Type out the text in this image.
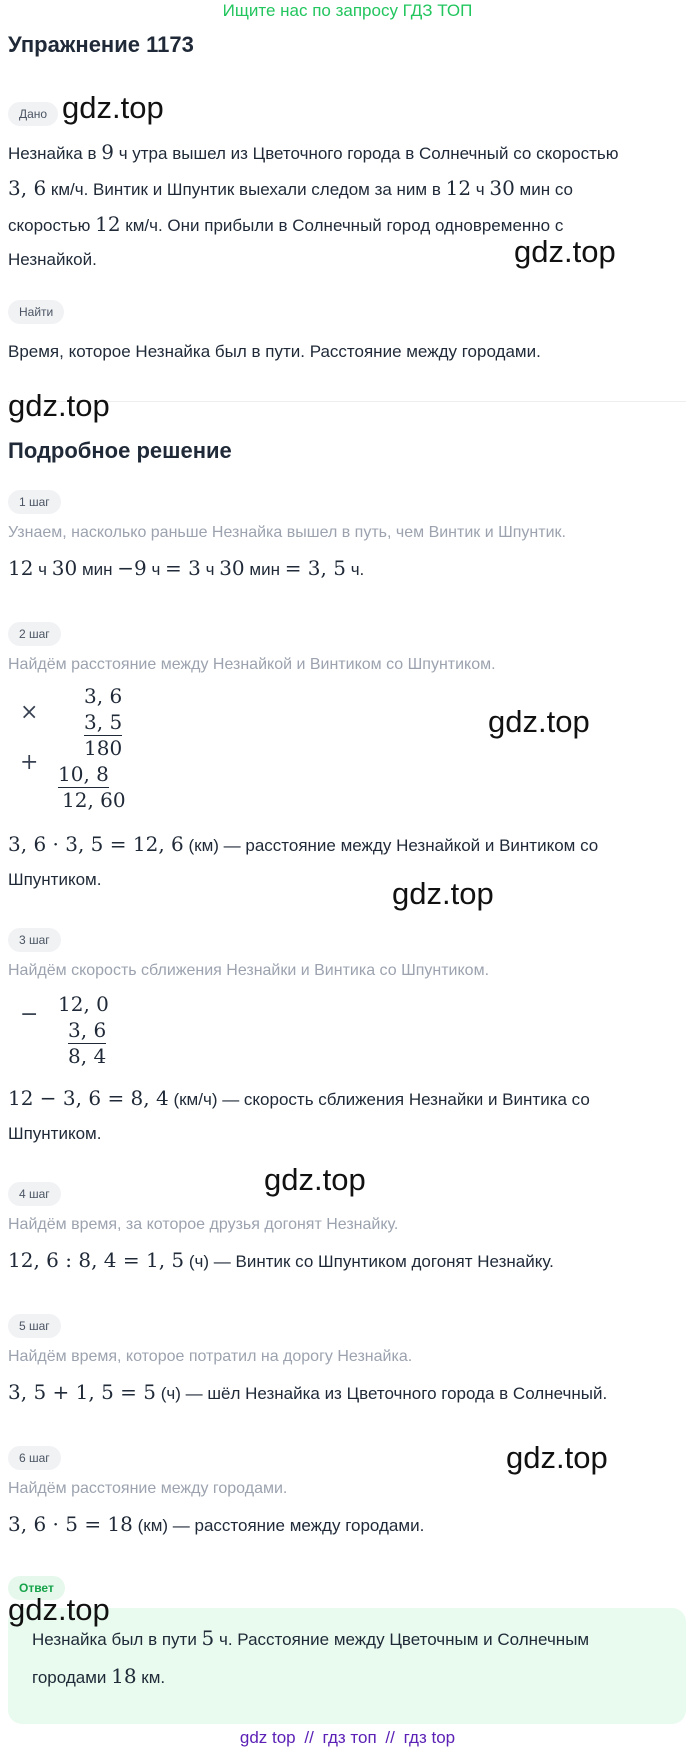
Ищите нас по запросу ГДЗ ТОП
Упражнение 1173
Дано gdz.top
Незнайка в 9 ч утра вышел из Цветочного города в Солнечный со скоростью
3, 6 км/ч. Винтик и Шпунтик выехали следом за ним в 12 ч 30 мин со
скоростью 12 км/ч. Они прибыли в Солнечный город одновременно с
Незнайкой.	gdz.top
Найти
Время, которое Незнайка был в пути. Расстояние между городами.
gdz.top
Подробное решение
1 шаг
Узнаем, насколько раньше Незнайка вышел в путь, чем Винтик и Шпунтик.
12 ч 30 мин −9 ч = 3 ч 30 мин = 3, 5 ч.
2 шаг
Найдём расстояние между Незнайкой и Винтиком со Шпунтиком.
×
3, 6
3, 5
+
180
10, 8
12, 60
gdz.top
3, 6 · 3, 5 = 12, 6 (км) — расстояние между Незнайкой и Винтиком со
Шпунтиком.	gdz.top
3 шаг
Найдём скорость сближения Незнайки и Винтика со Шпунтиком.
− 12, 0
3, 6
8, 4
12 − 3, 6 = 8, 4 (км/ч) — скорость сближения Незнайки и Винтика со
Шпунтиком.
gdz.top
4 шаг
Найдём время, за которое друзья догонят Незнайку.
12, 6 : 8, 4 = 1, 5 (ч) — Винтик со Шпунтиком догонят Незнайку.
5 шаг
Найдём время, которое потратил на дорогу Незнайка.
3, 5 + 1, 5 = 5 (ч) — шёл Незнайка из Цветочного города в Солнечный.
gdz.top
6 шаг
Найдём расстояние между городами.
3, 6 · 5 = 18 (км) — расстояние между городами.
Ответ
Незнайка был в пути 5 ч. Расстояние между Цветочным и Солнечным
городами 18 км.
gdz.top
gdz top // гдз топ // гдз top
